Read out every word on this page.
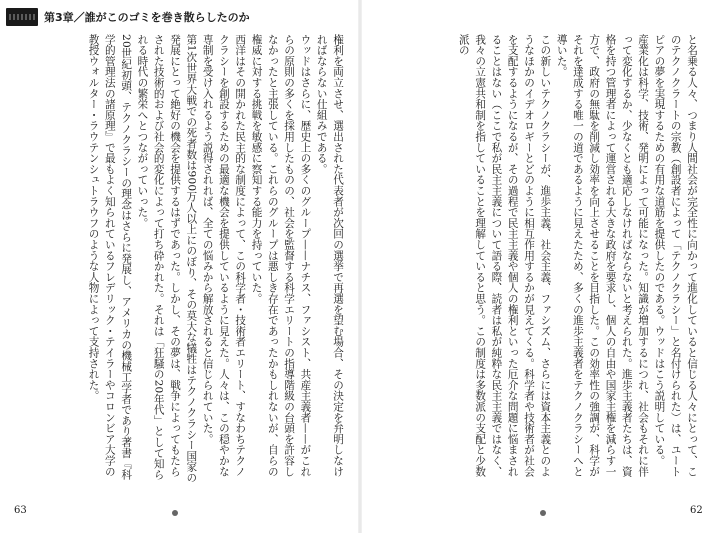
第3章／誰がこのゴミを巻き散らしたのか

権利を両立させ、選出された代表者が次回の選挙で再選を望む場合、その決定を弁明しなければならない仕組みである。

ウッドはさらに、歴史上の多くのグループ——ナチス、ファシスト、共産主義者——がこれらの原則の多くを採用したものの、社会を監督する科学エリートの指導階級の台頭を許容しなかったと主張している。これらのグループは悪しき存在であったかもしれないが、自らの権威に対する挑戦を敏感に察知する能力を持っていた。

西洋はその開かれた民主的な制度によって、この科学者・技術者エリート、すなわちテクノクラシーを創設するための最適な機会を提供しているように見えた。人々は、この穏やかな専制を受け入れるよう説得されれば、全ての悩みから解放されると信じられていた。

第1次世界大戦での死者数は900万人以上にのぼり、その莫大な犠牲はテクノクラシー国家の発展にとって絶好の機会を提供するはずであった。しかし、その夢は、戦争によってもたらされた技術的および社会的変化によって打ち砕かれた。それは「狂騒の20年代」として知られる時代の繁栄へとつながっていった。

20世紀初頭、テクノクラシーの理念はさらに発展し、アメリカの機械工学者であり著書『科学的管理法の諸原理』で最もよく知られているフレデリック・テイラーやコロンビア大学の教授ウォルター・ラウテンシュトラウフのような人物によって支持された。	と名乗る人々、つまり人間社会が完全性に向かって進化していると信じる人々にとって、このテクノクラートの宗教（創設者によって「テクノクラシー」と名付けられた）は、ユートピアの夢を実現するための有用な道筋を提供したのである。ウッドはこう説明している。

産業化は科学、技術、発明によって可能になった。知識が増加するにつれ、社会もそれに伴って変化するか、少なくとも適応しなければならないと考えられた。進歩主義者たちは、資格を持つ管理者によって運営される大きな政府を要求し、個人の自由や国家主権を減らす一方で、政府の無駄を削減し効率を向上させることを目指した。この効率性の強調が、科学がそれを達成する唯一の道であるように見えたため、多くの進歩主義者をテクノクラシーへと導いた。

この新しいテクノクラシーが、進歩主義、社会主義、ファシズム、さらには資本主義とのようなほかのイデオロギーとどのように相互作用するかが見えてくる。科学者や技術者が社会を支配するようになるが、その過程で民主主義や個人の権利といった厄介な問題に悩まされることはない（ここで私が民主主義について語る際、読者は私が純粋な民主主義ではなく、我々の立憲共和制を指していることを理解していると思う。この制度は多数派の支配と少数派の

63	62
